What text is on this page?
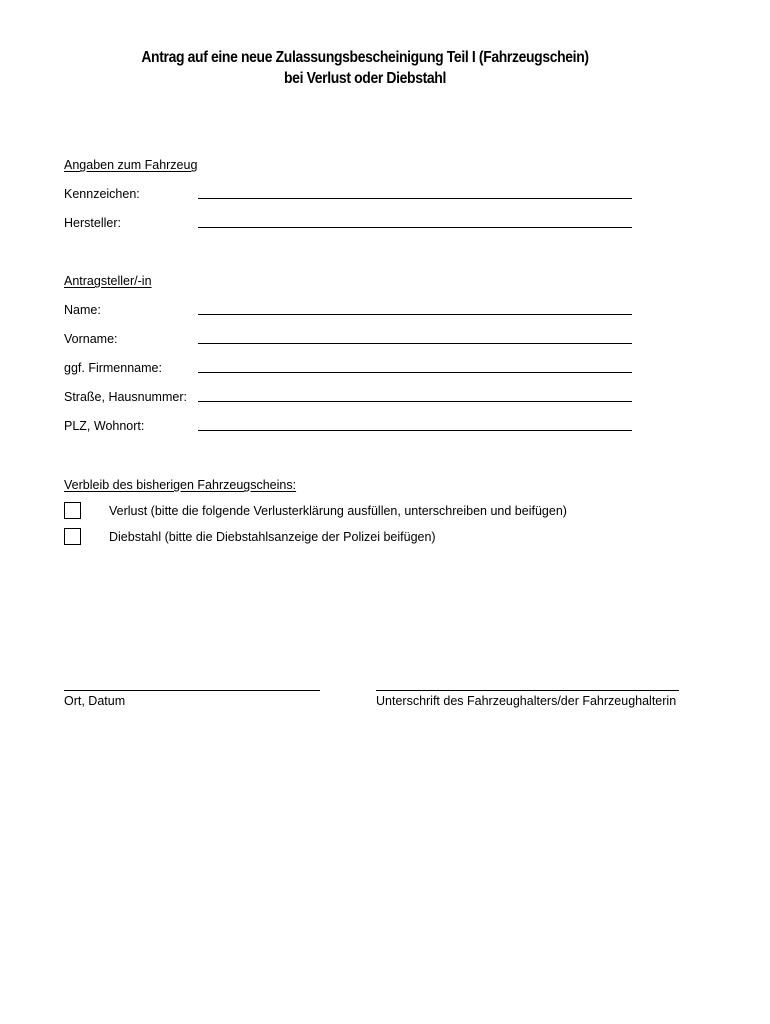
Antrag auf eine neue Zulassungsbescheinigung Teil I (Fahrzeugschein)
bei Verlust oder Diebstahl
Angaben zum Fahrzeug
Kennzeichen:
Hersteller:
Antragsteller/-in
Name:
Vorname:
ggf. Firmenname:
Straße, Hausnummer:
PLZ, Wohnort:
Verbleib des bisherigen Fahrzeugscheins:
Verlust (bitte die folgende Verlusterklärung ausfüllen, unterschreiben und beifügen)
Diebstahl (bitte die Diebstahlsanzeige der Polizei beifügen)
Ort, Datum	Unterschrift des Fahrzeughalters/der Fahrzeughalterin
